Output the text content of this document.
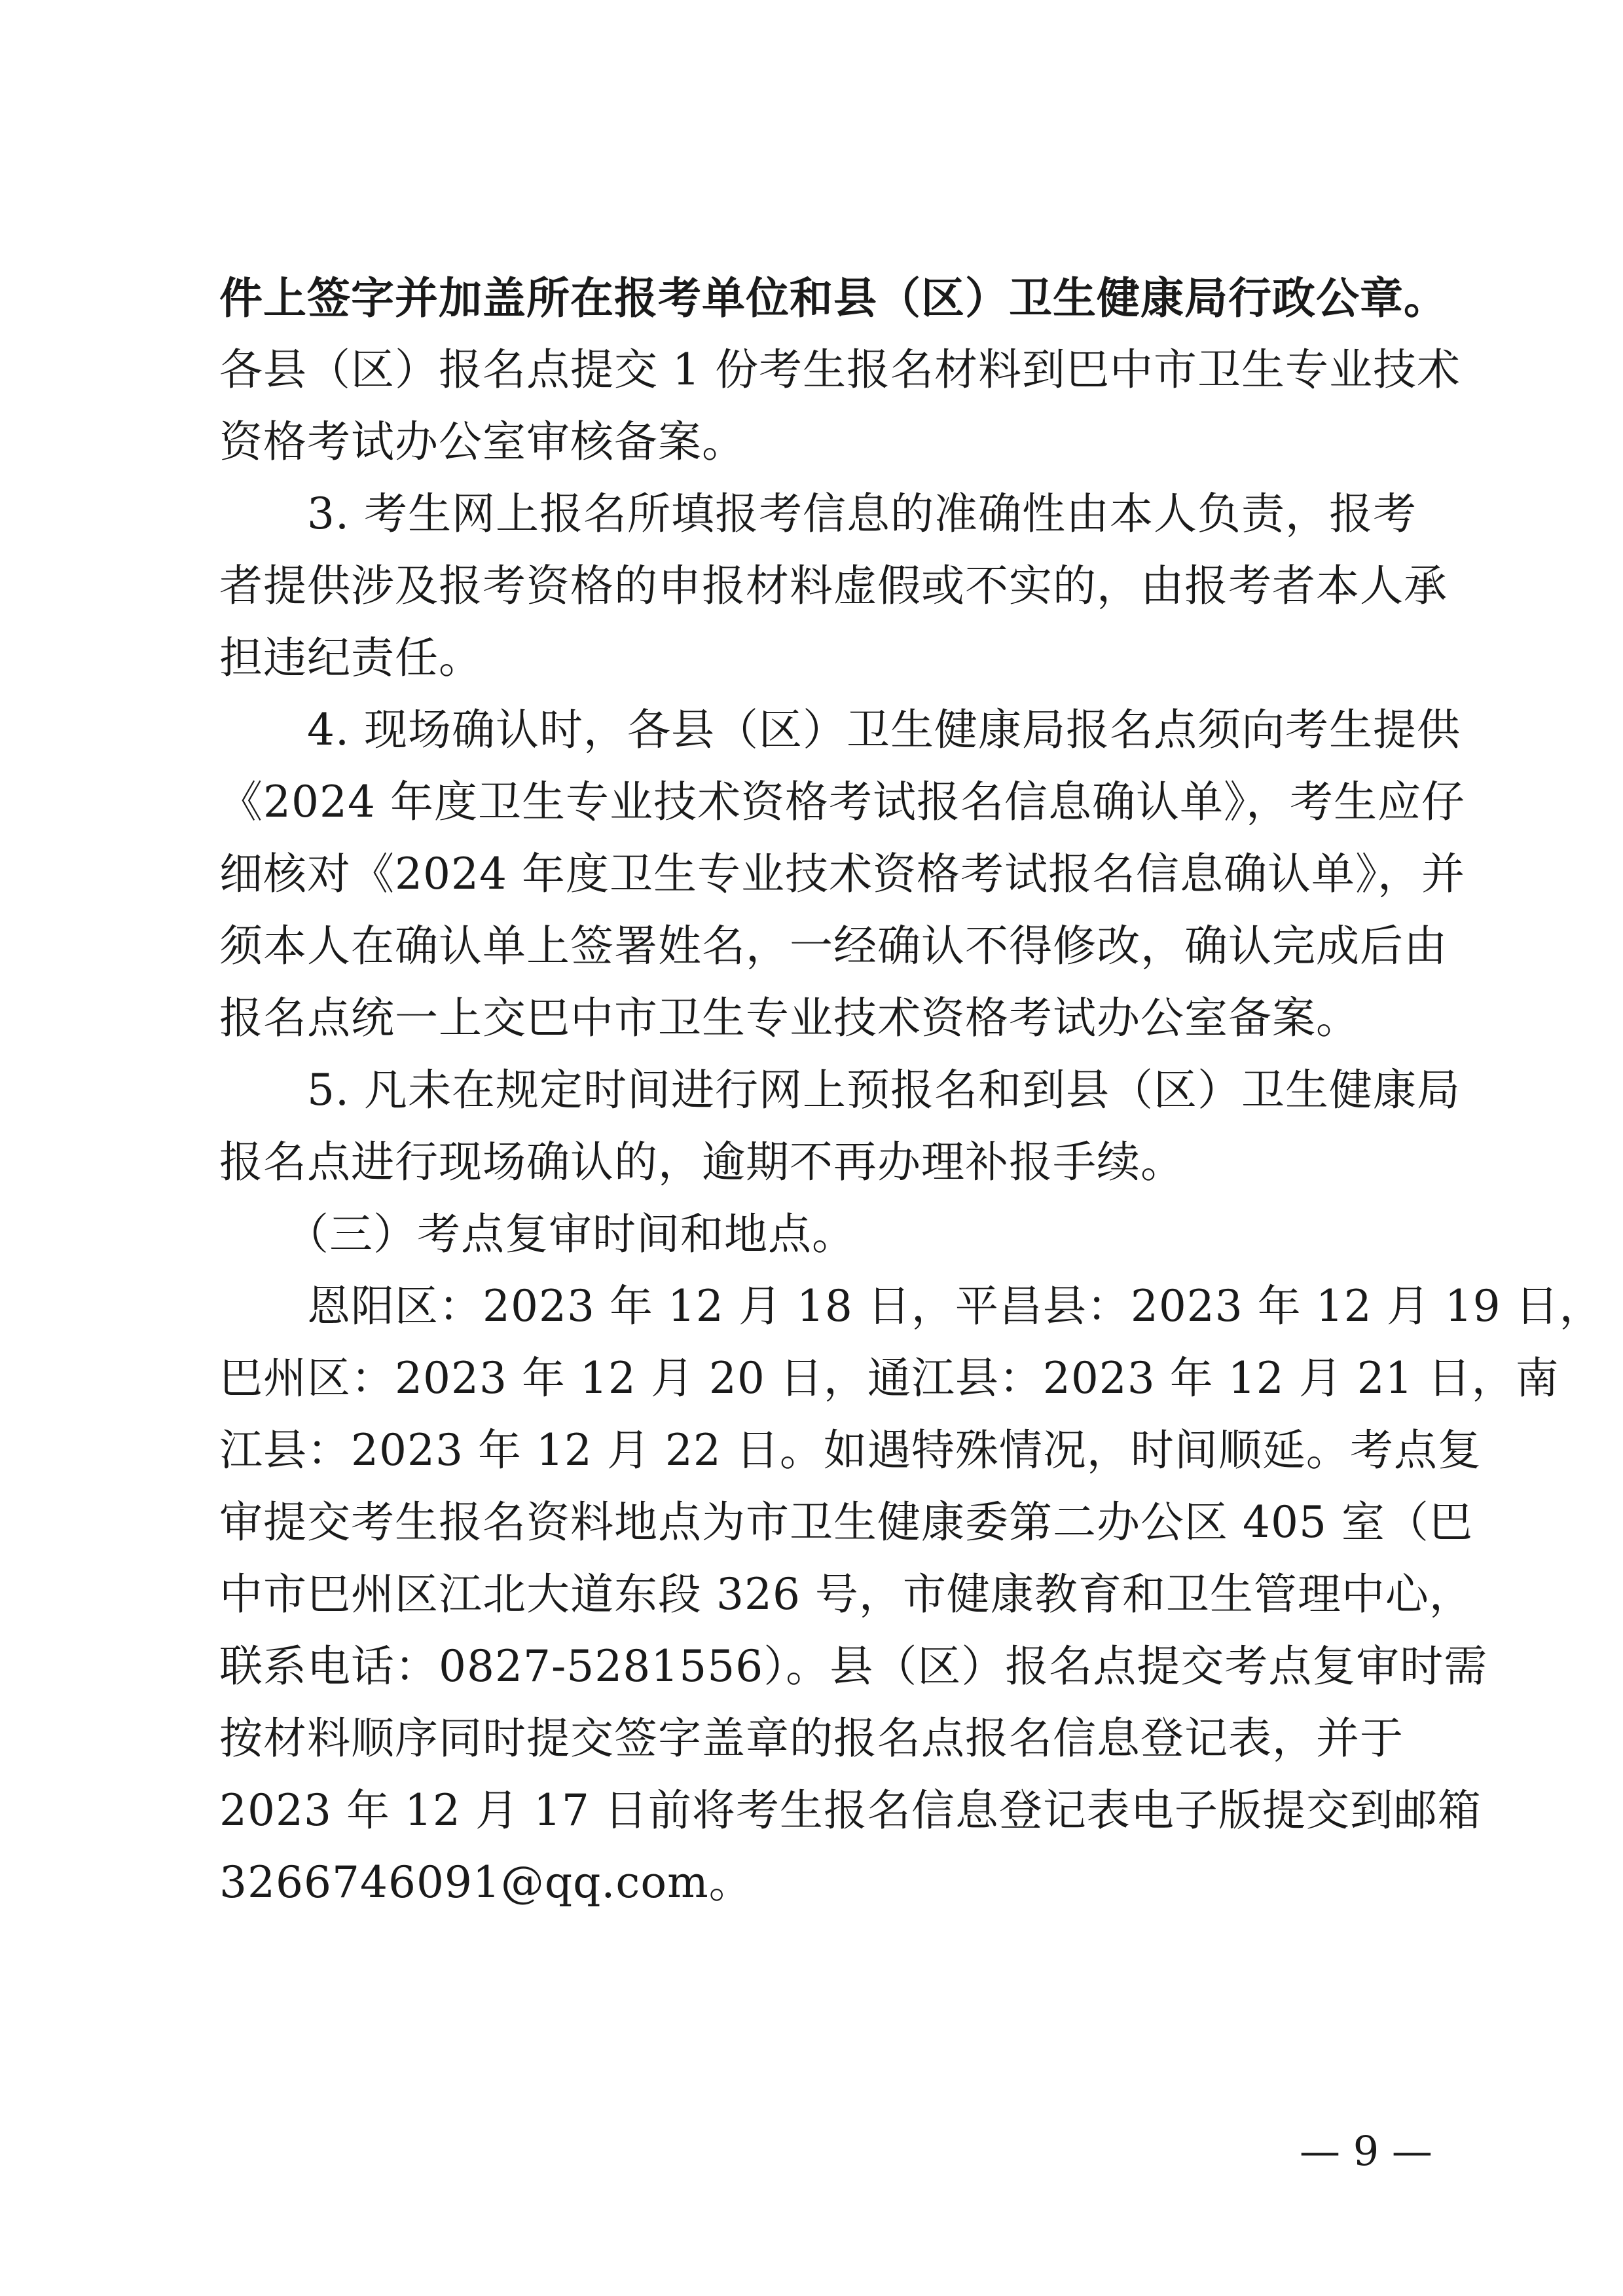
件上签字并加盖所在报考单位和县（区）卫生健康局行政公章。
各县（区）报名点提交 1 份考生报名材料到巴中市卫生专业技术
资格考试办公室审核备案。
　　3. 考生网上报名所填报考信息的准确性由本人负责，报考
者提供涉及报考资格的申报材料虚假或不实的，由报考者本人承
担违纪责任。
　　4. 现场确认时，各县（区）卫生健康局报名点须向考生提供
《2024 年度卫生专业技术资格考试报名信息确认单》，考生应仔
细核对《2024 年度卫生专业技术资格考试报名信息确认单》，并
须本人在确认单上签署姓名，一经确认不得修改，确认完成后由
报名点统一上交巴中市卫生专业技术资格考试办公室备案。
　　5. 凡未在规定时间进行网上预报名和到县（区）卫生健康局
报名点进行现场确认的，逾期不再办理补报手续。
　　（三）考点复审时间和地点。
　　恩阳区：2023 年 12 月 18 日，平昌县：2023 年 12 月 19 日，
巴州区：2023 年 12 月 20 日，通江县：2023 年 12 月 21 日，南
江县：2023 年 12 月 22 日。如遇特殊情况，时间顺延。考点复
审提交考生报名资料地点为市卫生健康委第二办公区 405 室（巴
中市巴州区江北大道东段 326 号，市健康教育和卫生管理中心，
联系电话：0827-5281556）。县（区）报名点提交考点复审时需
按材料顺序同时提交签字盖章的报名点报名信息登记表，并于
2023 年 12 月 17 日前将考生报名信息登记表电子版提交到邮箱
3266746091@qq.com。
— 9 —
